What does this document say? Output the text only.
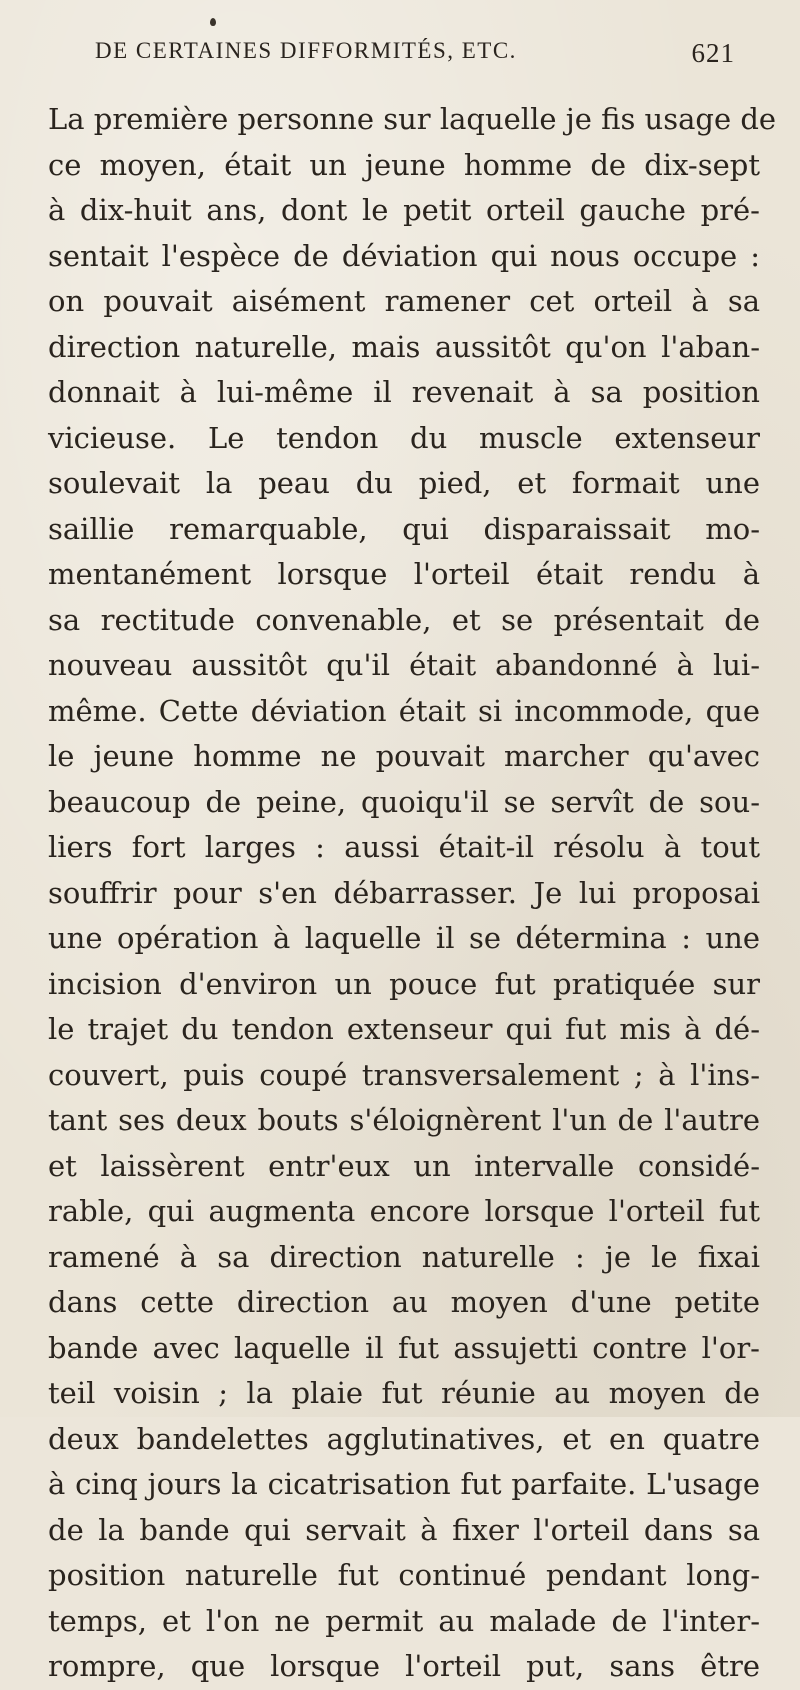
DE CERTAINES DIFFORMITÉS, ETC.	621
La première personne sur laquelle je fis usage de
ce moyen, était un jeune homme de dix-sept
à dix-huit ans, dont le petit orteil gauche pré-
sentait l'espèce de déviation qui nous occupe :
on pouvait aisément ramener cet orteil à sa
direction naturelle, mais aussitôt qu'on l'aban-
donnait à lui-même il revenait à sa position
vicieuse. Le tendon du muscle extenseur
soulevait la peau du pied, et formait une
saillie remarquable, qui disparaissait mo-
mentanément lorsque l'orteil était rendu à
sa rectitude convenable, et se présentait de
nouveau aussitôt qu'il était abandonné à lui-
même. Cette déviation était si incommode, que
le jeune homme ne pouvait marcher qu'avec
beaucoup de peine, quoiqu'il se servît de sou-
liers fort larges : aussi était-il résolu à tout
souffrir pour s'en débarrasser. Je lui proposai
une opération à laquelle il se détermina : une
incision d'environ un pouce fut pratiquée sur
le trajet du tendon extenseur qui fut mis à dé-
couvert, puis coupé transversalement ; à l'ins-
tant ses deux bouts s'éloignèrent l'un de l'autre
et laissèrent entr'eux un intervalle considé-
rable, qui augmenta encore lorsque l'orteil fut
ramené à sa direction naturelle : je le fixai
dans cette direction au moyen d'une petite
bande avec laquelle il fut assujetti contre l'or-
teil voisin ; la plaie fut réunie au moyen de
deux bandelettes agglutinatives, et en quatre
à cinq jours la cicatrisation fut parfaite. L'usage
de la bande qui servait à fixer l'orteil dans sa
position naturelle fut continué pendant long-
temps, et l'on ne permit au malade de l'inter-
rompre, que lorsque l'orteil put, sans être
